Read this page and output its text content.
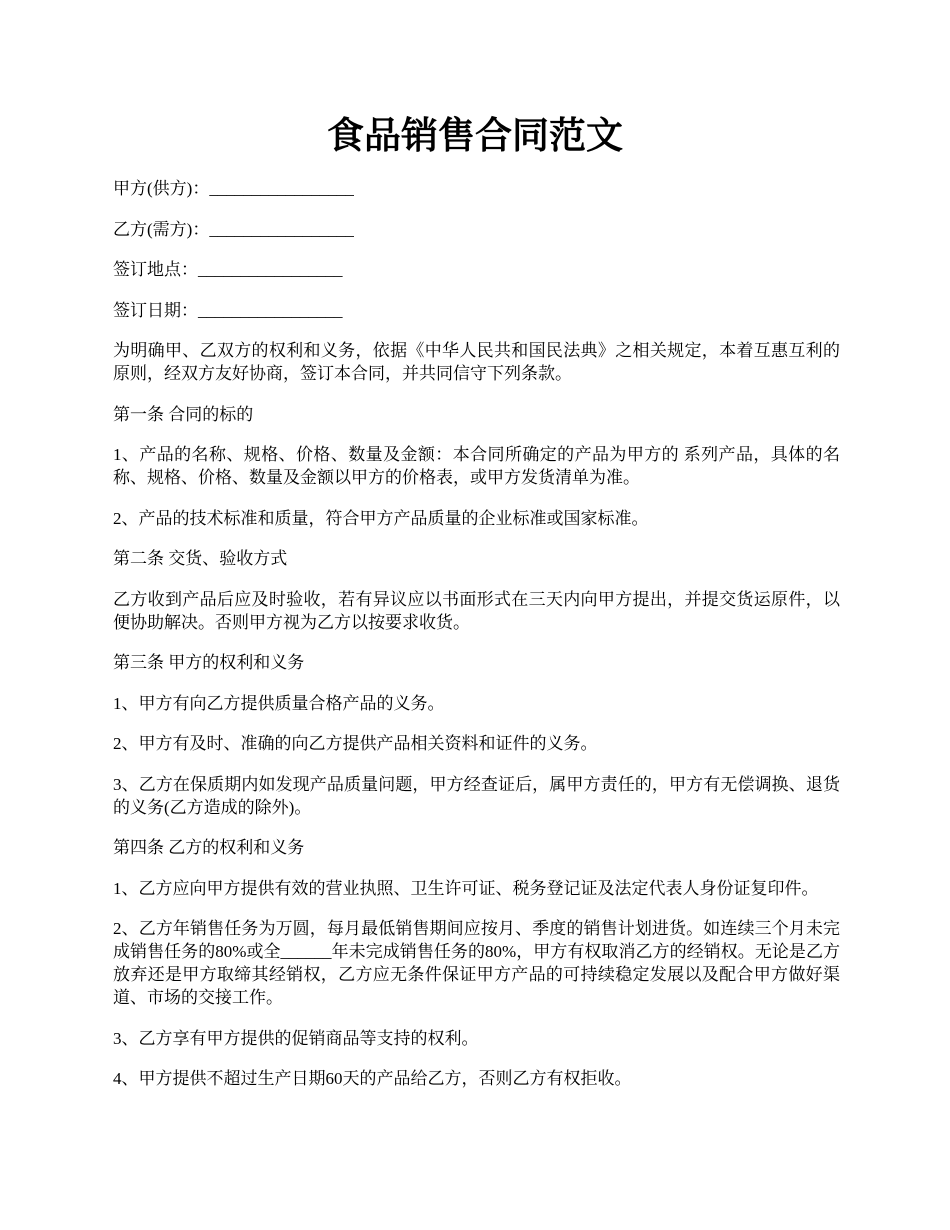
食品销售合同范文

甲方(供方)：_________________

乙方(需方)：_________________

签订地点：_________________

签订日期：_________________

为明确甲、乙双方的权利和义务，依据《中华人民共和国民法典》之相关规定，本着互惠互利的原则，经双方友好协商，签订本合同，并共同信守下列条款。

第一条 合同的标的

1、产品的名称、规格、价格、数量及金额：本合同所确定的产品为甲方的 系列产品，具体的名称、规格、价格、数量及金额以甲方的价格表，或甲方发货清单为准。

2、产品的技术标准和质量，符合甲方产品质量的企业标准或国家标准。

第二条 交货、验收方式

乙方收到产品后应及时验收，若有异议应以书面形式在三天内向甲方提出，并提交货运原件，以便协助解决。否则甲方视为乙方以按要求收货。

第三条 甲方的权利和义务

1、甲方有向乙方提供质量合格产品的义务。

2、甲方有及时、准确的向乙方提供产品相关资料和证件的义务。

3、乙方在保质期内如发现产品质量问题，甲方经查证后，属甲方责任的，甲方有无偿调换、退货的义务(乙方造成的除外)。

第四条 乙方的权利和义务

1、乙方应向甲方提供有效的营业执照、卫生许可证、税务登记证及法定代表人身份证复印件。

2、乙方年销售任务为万圆，每月最低销售期间应按月、季度的销售计划进货。如连续三个月未完成销售任务的80%或全______年未完成销售任务的80%，甲方有权取消乙方的经销权。无论是乙方放弃还是甲方取缔其经销权，乙方应无条件保证甲方产品的可持续稳定发展以及配合甲方做好渠道、市场的交接工作。

3、乙方享有甲方提供的促销商品等支持的权利。

4、甲方提供不超过生产日期60天的产品给乙方，否则乙方有权拒收。
